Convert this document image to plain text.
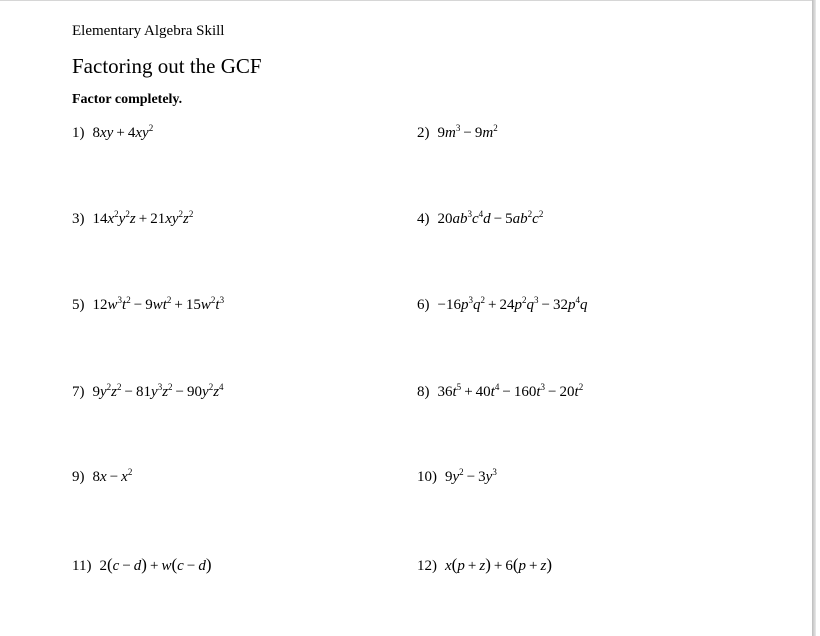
Elementary Algebra Skill
Factoring out the GCF
Factor completely.
1) $8xy + 4xy^2$	2) $9m^3 - 9m^2$
3) $14x^2y^2z + 21xy^2z^2$	4) $20ab^3c^4d - 5ab^2c^2$
5) $12w^3t^2 - 9wt^2 + 15w^2t^3$	$6) -16p^3q^2 + 24p^2q^3 - 32p^4q$
7) $9y^2z^2 - 81y^3z^2 - 90y^2z^4$	8) $36t^5 + 40t^4 - 160t^3 - 20t^2$
9) $8x - x^2$	10) $9y^2 - 3y^3$
11) 2(c  −  d)  +  w(c  −  d)	12) x(p  +  z)  +  6(p  +  z)
